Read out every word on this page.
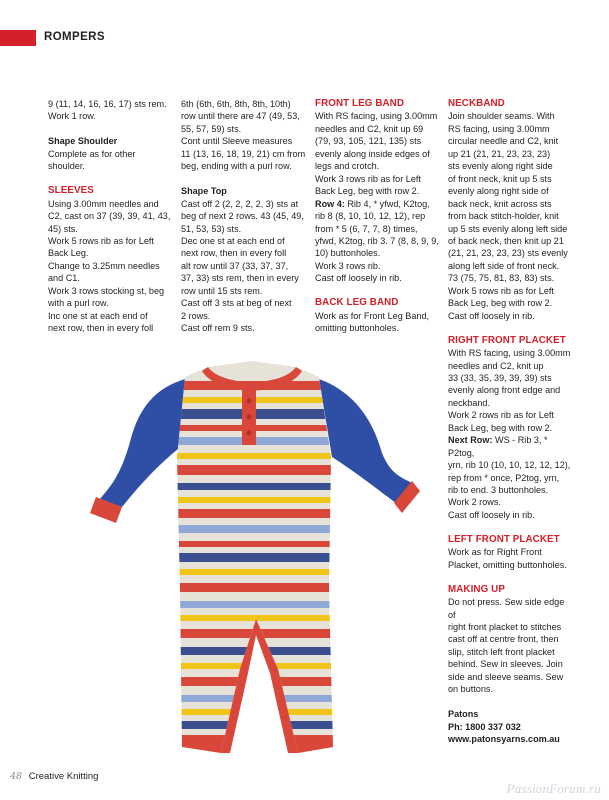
ROMPERS

9 (11, 14, 16, 16, 17) sts rem.

Work 1 row.

Shape Shoulder

Complete as for other

shoulder.

SLEEVES

Using 3.00mm needles and

C2, cast on 37 (39, 39, 41, 43,

45) sts.

Work 5 rows rib as for Left

Back Leg.

Change to 3.25mm needles

and C1.

Work 3 rows stocking st, beg

with a purl row.

Inc one st at each end of

next row, then in every foll

6th (6th, 6th, 8th, 8th, 10th)

row until there are 47 (49, 53,

55, 57, 59) sts.

Cont until Sleeve measures

11 (13, 16, 18, 19, 21) cm from

beg, ending with a purl row.

Shape Top

Cast off 2 (2, 2, 2, 2, 3) sts at

beg of next 2 rows. 43 (45, 49,

51, 53, 53) sts.

Dec one st at each end of

next row, then in every foll

alt row until 37 (33, 37, 37,

37, 33) sts rem, then in every

row until 15 sts rem.

Cast off 3 sts at beg of next

2 rows.

Cast off rem 9 sts.

FRONT LEG BAND

With RS facing, using 3.00mm

needles and C2, knit up 69

(79, 93, 105, 121, 135) sts

evenly along inside edges of

legs and crotch.

Work 3 rows rib as for Left

Back Leg, beg with row 2.

Row 4: Rib 4, * yfwd, K2tog,

rib 8 (8, 10, 10, 12, 12), rep

from * 5 (6, 7, 7, 8) times,

yfwd, K2tog, rib 3. 7 (8, 8, 9, 9,

10) buttonholes.

Work 3 rows rib.

Cast off loosely in rib.

BACK LEG BAND

Work as for Front Leg Band,

omitting buttonholes.

NECKBAND

Join shoulder seams. With

RS facing, using 3.00mm

circular needle and C2, knit

up 21 (21, 21, 23, 23, 23)

sts evenly along right side

of front neck, knit up 5 sts

evenly along right side of

back neck, knit across sts

from back stitch-holder, knit

up 5 sts evenly along left side

of back neck, then knit up 21

(21, 21, 23, 23, 23) sts evenly

along left side of front neck.

73 (75, 75, 81, 83, 83) sts.

Work 5 rows rib as for Left

Back Leg, beg with row 2.

Cast off loosely in rib.

RIGHT FRONT PLACKET

With RS facing, using 3.00mm

needles and C2, knit up

33 (33, 35, 39, 39, 39) sts

evenly along front edge and

neckband.

Work 2 rows rib as for Left

Back Leg, beg with row 2.

Next Row: WS - Rib 3, * P2tog,

yrn, rib 10 (10, 10, 12, 12, 12),

rep from * once, P2tog, yrn,

rib to end. 3 buttonholes.

Work 2 rows.

Cast off loosely in rib.

LEFT FRONT PLACKET

Work as for Right Front

Placket, omitting buttonholes.

MAKING UP

Do not press. Sew side edge of

right front placket to stitches

cast off at centre front, then

slip, stitch left front placket

behind. Sew in sleeves. Join

side and sleeve seams. Sew

on buttons.

Patons

Ph: 1800 337 032

www.patonsyarns.com.au

48 Creative Knitting
PassionForum.ru
